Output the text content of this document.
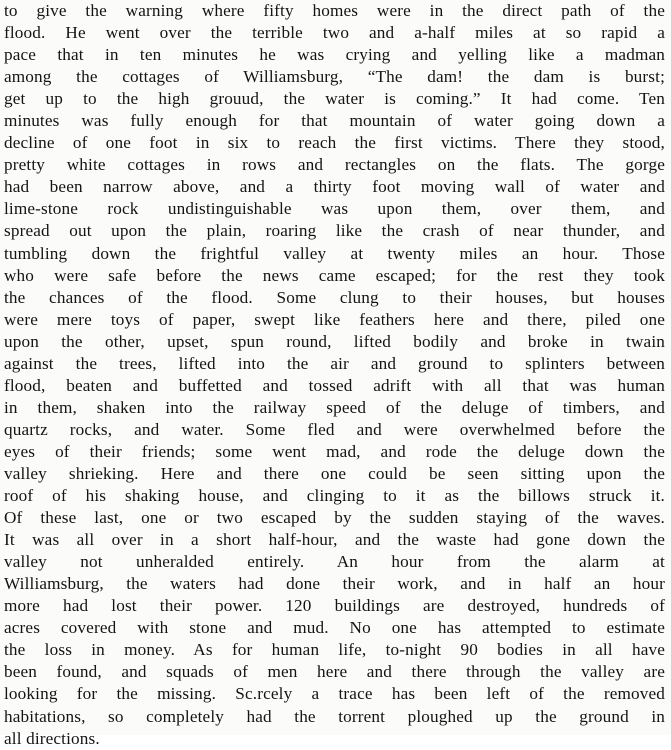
to give the warning where fifty homes were in the direct path of the
flood. He went over the terrible two and a-half miles at so rapid a
pace that in ten minutes he was crying and yelling like a madman
among the cottages of Williamsburg, “The dam! the dam is burst;
get up to the high grouud, the water is coming.” It had come. Ten
minutes was fully enough for that mountain of water going down a
decline of one foot in six to reach the first victims. There they stood,
pretty white cottages in rows and rectangles on the flats. The gorge
had been narrow above, and a thirty foot moving wall of water and
lime-stone rock undistinguishable was upon them, over them, and
spread out upon the plain, roaring like the crash of near thunder, and
tumbling down the frightful valley at twenty miles an hour. Those
who were safe before the news came escaped; for the rest they took
the chances of the flood. Some clung to their houses, but houses
were mere toys of paper, swept like feathers here and there, piled one
upon the other, upset, spun round, lifted bodily and broke in twain
against the trees, lifted into the air and ground to splinters between
flood, beaten and buffetted and tossed adrift with all that was human
in them, shaken into the railway speed of the deluge of timbers, and
quartz rocks, and water. Some fled and were overwhelmed before the
eyes of their friends; some went mad, and rode the deluge down the
valley shrieking. Here and there one could be seen sitting upon the
roof of his shaking house, and clinging to it as the billows struck it.
Of these last, one or two escaped by the sudden staying of the waves.
It was all over in a short half-hour, and the waste had gone down the
valley not unheralded entirely. An hour from the alarm at
Williamsburg, the waters had done their work, and in half an hour
more had lost their power. 120 buildings are destroyed, hundreds of
acres covered with stone and mud. No one has attempted to estimate
the loss in money. As for human life, to-night 90 bodies in all have
been found, and squads of men here and there through the valley are
looking for the missing. Sc.rcely a trace has been left of the removed
habitations, so completely had the torrent ploughed up the ground in
all directions.
